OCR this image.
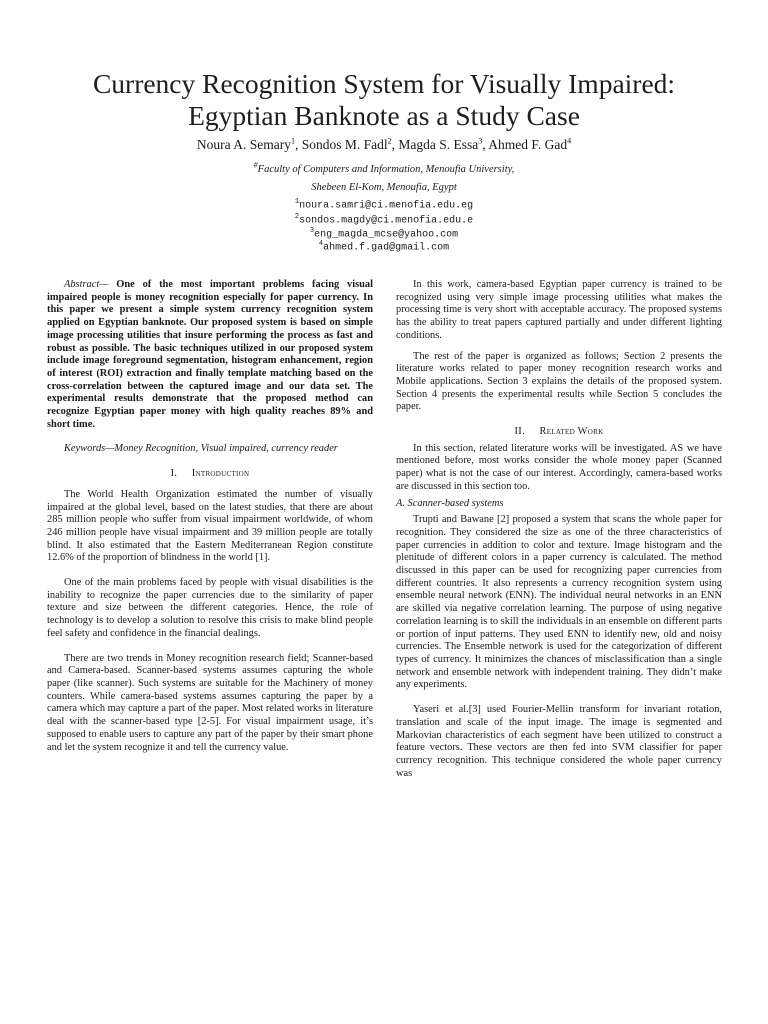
Currency Recognition System for Visually Impaired:
Egyptian Banknote as a Study Case
Noura A. Semary$^1$, Sondos M. Fadl$^2$, Magda S. Essa$^3$, Ahmed F. Gad$^4$
#Faculty of Computers and Information, Menoufia University,
Shebeen El-Kom, Menoufia, Egypt
$^1$noura.samri@ci.menofia.edu.eg
$^2$sondos.magdy@ci.menofia.edu.e
$^3$eng_magda_mcse@yahoo.com
$^4$ahmed.f.gad@gmail.com

Abstract— One of the most important problems facing visual impaired people is money recognition especially for paper currency. In this paper we present a simple system currency recognition system applied on Egyptian banknote. Our proposed system is based on simple image processing utilities that insure performing the process as fast and robust as possible. The basic techniques utilized in our proposed system include image foreground segmentation, histogram enhancement, region of interest (ROI) extraction and finally template matching based on the cross-correlation between the captured image and our data set. The experimental results demonstrate that the proposed method can recognize Egyptian paper money with high quality reaches 89% and short time.

Keywords—Money Recognition, Visual impaired, currency reader

I. Introduction

The World Health Organization estimated the number of visually impaired at the global level, based on the latest studies, that there are about 285 million people who suffer from visual impairment worldwide, of whom 246 million people have visual impairment and 39 million people are totally blind. It also estimated that the Eastern Mediterranean Region constitute 12.6% of the proportion of blindness in the world [1].

One of the main problems faced by people with visual disabilities is the inability to recognize the paper currencies due to the similarity of paper texture and size between the different categories. Hence, the role of technology is to develop a solution to resolve this crisis to make blind people feel safety and confidence in the financial dealings.

There are two trends in Money recognition research field; Scanner-based and Camera-based. Scanner-based systems assumes capturing the whole paper (like scanner). Such systems are suitable for the Machinery of money counters. While camera-based systems assumes capturing the paper by a camera which may capture a part of the paper. Most related works in literature deal with the scanner-based type [2-5]. For visual impairment usage, it’s supposed to enable users to capture any part of the paper by their smart phone and let the system recognize it and tell the currency value.

In this work, camera-based Egyptian paper currency is trained to be recognized using very simple image processing utilities what makes the processing time is very short with acceptable accuracy. The proposed systems has the ability to treat papers captured partially and under different lighting conditions.

The rest of the paper is organized as follows; Section 2 presents the literature works related to paper money recognition research works and Mobile applications. Section 3 explains the details of the proposed system. Section 4 presents the experimental results while Section 5 concludes the paper.

II. Related Work

In this section, related literature works will be investigated. AS we have mentioned before, most works consider the whole money paper (Scanned paper) what is not the case of our interest. Accordingly, camera-based works are discussed in this section too.

A. Scanner-based systems

Trupti and Bawane [2] proposed a system that scans the whole paper for recognition. They considered the size as one of the three characteristics of paper currencies in addition to color and texture. Image histogram and the plenitude of different colors in a paper currency is calculated. The method discussed in this paper can be used for recognizing paper currencies from different countries. It also represents a currency recognition system using ensemble neural network (ENN). The individual neural networks in an ENN are skilled via negative correlation learning. The purpose of using negative correlation learning is to skill the individuals in an ensemble on different parts or portion of input patterns. They used ENN to identify new, old and noisy currencies. The Ensemble network is used for the categorization of different types of currency. It minimizes the chances of misclassification than a single network and ensemble network with independent training. They didn’t make any experiments.

Yaseri et al.[3] used Fourier-Mellin transform for invariant rotation, translation and scale of the input image. The image is segmented and Markovian characteristics of each segment have been utilized to construct a feature vectors. These vectors are then fed into SVM classifier for paper currency recognition. This technique considered the whole paper currency was
